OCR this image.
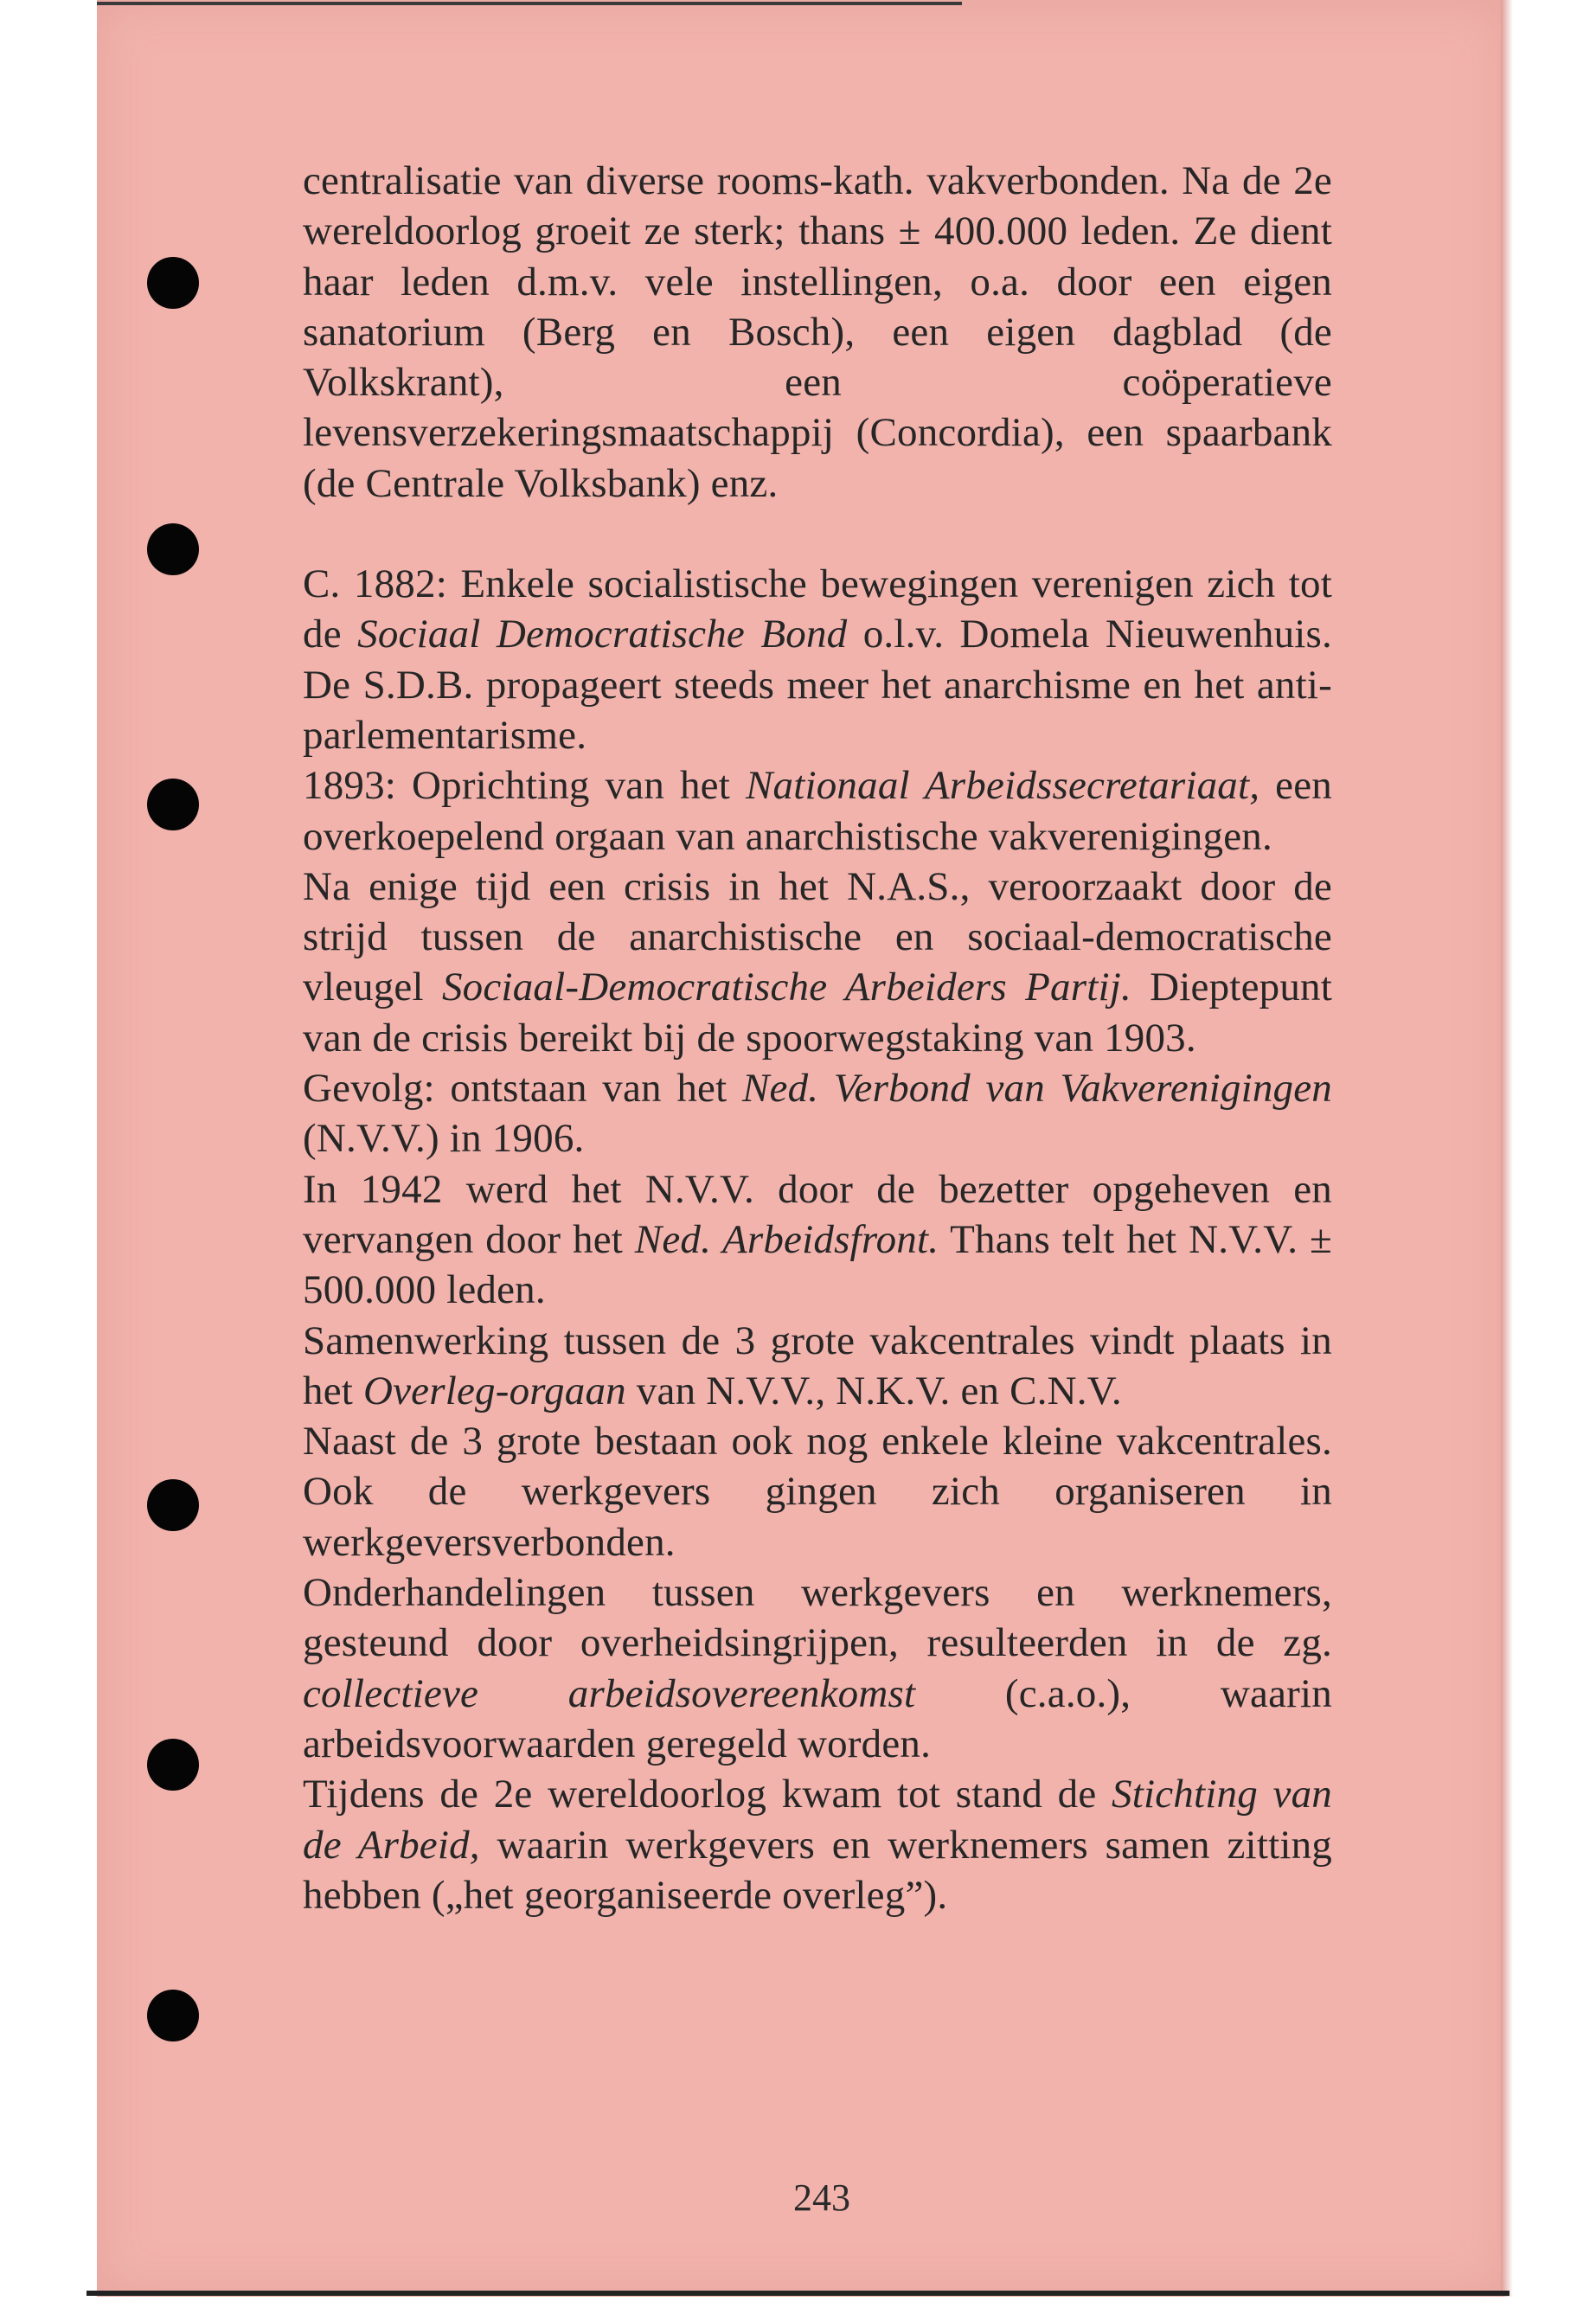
centralisatie van diverse rooms-kath. vakverbonden. Na de 2e wereldoorlog groeit ze sterk; thans ± 400.000 leden. Ze dient haar leden d.m.v. vele instellingen, o.a. door een eigen sanatorium (Berg en Bosch), een eigen dagblad (de Volkskrant), een coöperatieve levensverzekeringsmaatschappij (Concordia), een spaarbank (de Centrale Volksbank) enz.

C. 1882: Enkele socialistische bewegingen verenigen zich tot de Sociaal Democratische Bond o.l.v. Domela Nieuwenhuis. De S.D.B. propageert steeds meer het anarchisme en het anti-parlementarisme.

1893: Oprichting van het Nationaal Arbeidssecretariaat, een overkoepelend orgaan van anarchistische vakverenigingen.

Na enige tijd een crisis in het N.A.S., veroorzaakt door de strijd tussen de anarchistische en sociaal-democratische vleugel Sociaal-Democratische Arbeiders Partij. Dieptepunt van de crisis bereikt bij de spoorwegstaking van 1903.

Gevolg: ontstaan van het Ned. Verbond van Vakverenigingen (N.V.V.) in 1906.

In 1942 werd het N.V.V. door de bezetter opgeheven en vervangen door het Ned. Arbeidsfront. Thans telt het N.V.V. ± 500.000 leden.

Samenwerking tussen de 3 grote vakcentrales vindt plaats in het Overleg-orgaan van N.V.V., N.K.V. en C.N.V.

Naast de 3 grote bestaan ook nog enkele kleine vakcentrales. Ook de werkgevers gingen zich organiseren in werkgeversverbonden.

Onderhandelingen tussen werkgevers en werknemers, gesteund door overheidsingrijpen, resulteerden in de zg. collectieve arbeidsovereenkomst (c.a.o.), waarin arbeidsvoorwaarden geregeld worden.

Tijdens de 2e wereldoorlog kwam tot stand de Stichting van de Arbeid, waarin werkgevers en werknemers samen zitting hebben („het georganiseerde overleg”).

243
